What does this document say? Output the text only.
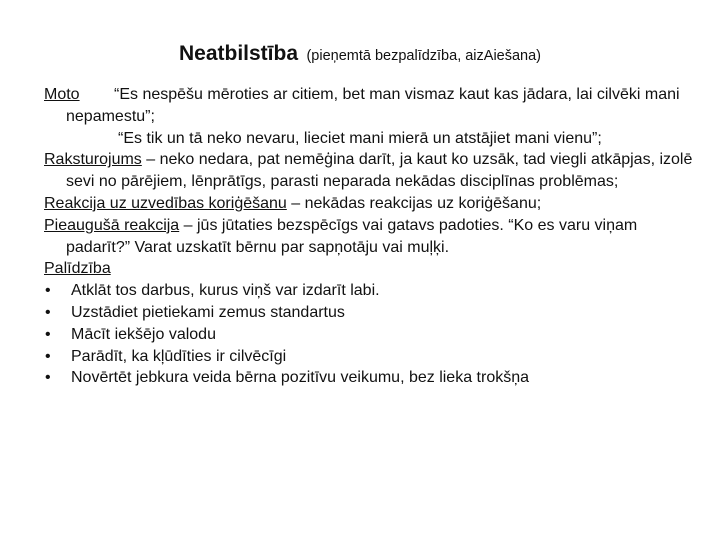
Neatbilstība (pieņemtā bezpalīdzība, aizAiešana)

Moto “Es nespēšu mēroties ar citiem, bet man vismaz kaut kas jādara, lai cilvēki mani nepamestu”;

“Es tik un tā neko nevaru, lieciet mani mierā un atstājiet mani vienu”;

Raksturojums – neko nedara, pat nemēģina darīt, ja kaut ko uzsāk, tad viegli atkāpjas, izolē sevi no pārējiem, lēnprātīgs, parasti neparada nekādas disciplīnas problēmas;

Reakcija uz uzvedības koriģēšanu – nekādas reakcijas uz koriģēšanu;

Pieaugušā reakcija – jūs jūtaties bezspēcīgs vai gatavs padoties. “Ko es varu viņam padarīt?” Varat uzskatīt bērnu par sapņotāju vai muļķi.

Palīdzība

• Atklāt tos darbus, kurus viņš var izdarīt labi.
• Uzstādiet pietiekami zemus standartus
• Mācīt iekšējo valodu
• Parādīt, ka kļūdīties ir cilvēcīgi
• Novērtēt jebkura veida bērna pozitīvu veikumu, bez lieka trokšņa
